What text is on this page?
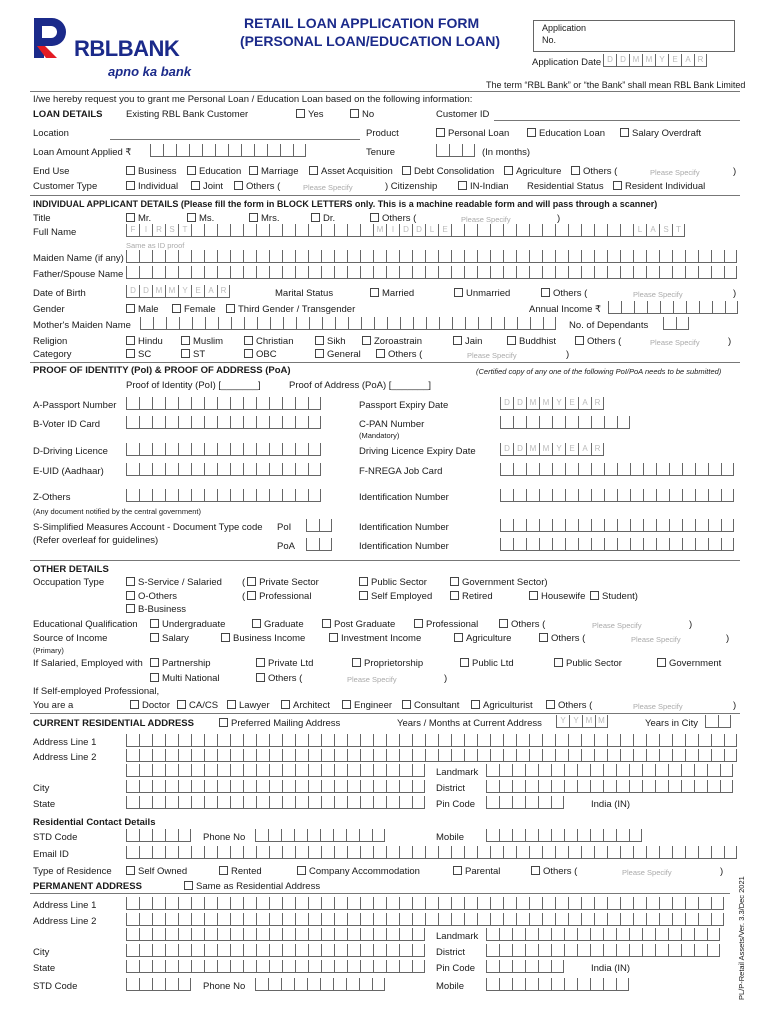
RBLBANK
apno ka bank
RETAIL LOAN APPLICATION FORM
(PERSONAL LOAN/EDUCATION LOAN)
Application
No.
Application Date D D M M Y E A R
The term “RBL Bank” or “the Bank” shall mean RBL Bank Limited
I/we hereby request you to grant me Personal Loan / Education Loan based on the following information:
LOAN DETAILS Existing RBL Bank Customer	Yes	No	Customer ID
Location	Product	Personal Loan	Education Loan	Salary Overdraft
Loan Amount Applied ₹	Tenure	(In months)
End Use	Business	Education	Marriage	Asset Acquisition	Debt Consolidation	Agriculture	Others (	Please Specify	)
Customer Type	Individual	Joint	Others (	Please Specify	) Citizenship	IN-Indian Residential Status	Resident Individual
INDIVIDUAL APPLICANT DETAILS (Please fill the form in BLOCK LETTERS only. This is a machine readable form and will pass through a scanner)
Title	Mr.	Ms.	Mrs.	Dr.	Others (	Please Specify	)
Full Name	F	I	R S T	M	I	D D L	E	L	A S T
Same as ID proof
Maiden Name (if any)
Father/Spouse Name
Date of Birth	D D M M Y E A R	Marital Status	Married	Unmarried	Others (	Please Specify	)
Gender	Male	Female	Third Gender / Transgender	Annual Income ₹
Mother's Maiden Name	No. of Dependants
Religion	Hindu	Muslim	Christian	Sikh	Zoroastrain	Jain	Buddhist	Others (	Please Specify	)
Category	SC	ST	OBC	General	Others (	Please Specify	)
PROOF OF IDENTITY (PoI) & PROOF OF ADDRESS (PoA)	(Certified copy of any one of the following PoI/PoA needs to be submitted)
Proof of Identity (PoI) [_______]	Proof of Address (PoA) [_______]
A-Passport Number	Passport Expiry Date	D D M M Y E A R
B-Voter ID Card	C-PAN Number
(Mandatory)
D-Driving Licence	Driving Licence Expiry Date	D D M M Y E A R
E-UID (Aadhaar)	F-NREGA Job Card
Z-Others	Identification Number
(Any document notified by the central government)
S-Simplified Measures Account - Document Type code
(Refer overleaf for guidelines)
PoI	Identification Number
PoA	Identification Number
OTHER DETAILS
Occupation Type	S-Service / Salaried
O-Others
B-Business
( Private Sector	Public Sector	Government Sector)
( Professional	Self Employed	Retired	Housewife	Student)
Educational Qualification	Undergraduate	Graduate	Post Graduate	Professional	Others (	Please Specify	)
Source of Income
(Primary)
Salary	Business Income	Investment Income	Agriculture	Others (	Please Specify	)
If Salaried, Employed with	Partnership	Private Ltd	Proprietorship	Public Ltd	Public Sector	Government
Multi National	Others (	Please Specify	)
If Self-employed Professional,
You are a	Doctor	CA/CS	Lawyer	Architect	Engineer	Consultant	Agriculturist	Others (	Please Specify	)
CURRENT RESIDENTIAL ADDRESS	Preferred Mailing Address	Years / Months at Current Address	Y Y M M	Years in City
Address Line 1
Address Line 2
Landmark
City	District
State	Pin Code	India (IN)
Residential Contact Details
STD Code	Phone No	Mobile
Email ID
Type of Residence	Self Owned	Rented	Company Accommodation	Parental	Others (	Please Specify	)
PERMANENT ADDRESS	Same as Residential Address
Address Line 1
Address Line 2
Landmark
City	District
State	Pin Code	India (IN)
STD Code	Phone No	Mobile	PL/P-Retail Assets/Ver. 3.3/Dec 2021
